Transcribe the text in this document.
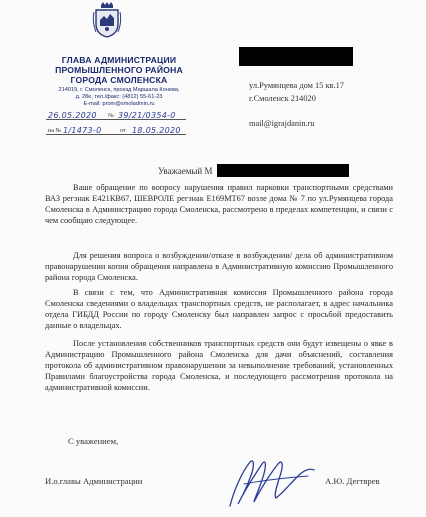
ГЛАВА АДМИНИСТРАЦИИ
ПРОМЫШЛЕННОГО РАЙОНА
ГОРОДА СМОЛЕНСКА
214019, г. Смоленск, проезд Маршала Конева,
д. 28е, тел./факс: (4812) 55-61-23
E-mail: prom@smoladmin.ru
26.05.2020 № 39/21/0354-0
на № 1/1473-0	от 18.05.2020
ул.Румянцева дом 15 кв.17
г.Смоленск 214020
mail@igrajdanin.ru
Уважаемый М
Ваше обращение по вопросу нарушения правил парковки транспортными средствами ВАЗ регзнак Е421КВ67, ШЕВРОЛЕ регзнак Е169МТ67 возле дома № 7 по ул.Румянцева города Смоленска в Администрацию города Смоленска, рассмотрено в пределах компетенции, и связи с чем сообщаю следующее.
Для решения вопроса о возбуждении/отказе в возбуждении/ дела об административном правонарушении копия обращения направлена в Административную комиссию Промышленного района города Смоленска.
В связи с тем, что Административная комиссия Промышленного района города Смоленска сведениями о владельцах транспортных средств, не располагает, в адрес начальника отдела ГИБДД России по городу Смоленску был направлен запрос с просьбой предоставить данные о владельцах.
После установления собственников транспортных средств они будут извещены о явке в Администрацию Промышленного района Смоленска для дачи объяснений, составления протокола об административном правонарушении за невыполнение требований, установленных Правилами благоустройства города Смоленска, и последующего рассмотрения протокола на административной комиссии.
С уважением,
И.о.главы Администрации	А.Ю. Дегтярев
